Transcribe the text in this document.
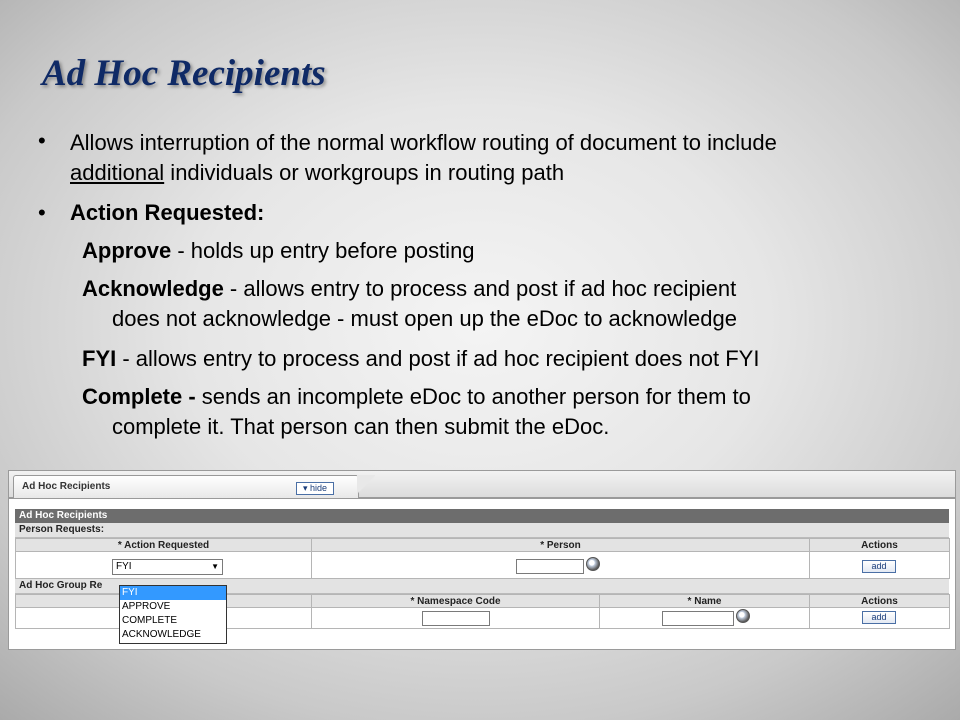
Ad Hoc Recipients
• Allows interruption of the normal workflow routing of document to include
additional individuals or workgroups in routing path
• Action Requested:
Approve - holds up entry before posting
Acknowledge - allows entry to process and post if ad hoc recipient
does not acknowledge - must open up the eDoc to acknowledge
FYI - allows entry to process and post if ad hoc recipient does not FYI
Complete - sends an incomplete eDoc to another person for them to
complete it. That person can then submit the eDoc.
Ad Hoc Recipients	▾ hide
Ad Hoc Recipients
Person Requests:
* Action Requested	* Person	Actions

FYI ▼		add
Ad Hoc Group Re
	* Namespace Code	* Name	Actions

			add
FYI
APPROVE
COMPLETE
ACKNOWLEDGE
